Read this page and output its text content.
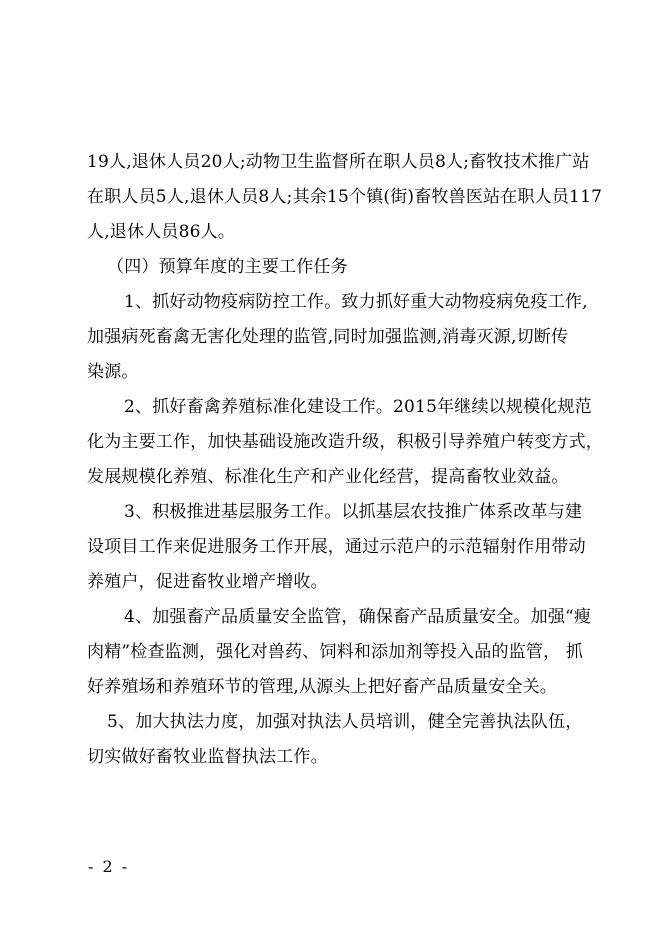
19人,退休人员20人;动物卫生监督所在职人员8人;畜牧技术推广站
在职人员5人,退休人员8人;其余15个镇(街)畜牧兽医站在职人员117
人,退休人员86人。
（四）预算年度的主要工作任务
1、抓好动物疫病防控工作。致力抓好重大动物疫病免疫工作,
加强病死畜禽无害化处理的监管,同时加强监测,消毒灭源,切断传
染源。
2、抓好畜禽养殖标准化建设工作。2015年继续以规模化规范
化为主要工作，加快基础设施改造升级，积极引导养殖户转变方式，
发展规模化养殖、标准化生产和产业化经营，提高畜牧业效益。
3、积极推进基层服务工作。以抓基层农技推广体系改革与建
设项目工作来促进服务工作开展，通过示范户的示范辐射作用带动
养殖户，促进畜牧业增产增收。
4、加强畜产品质量安全监管，确保畜产品质量安全。加强“瘦
肉精”检查监测，强化对兽药、饲料和添加剂等投入品的监管， 抓
好养殖场和养殖环节的管理,从源头上把好畜产品质量安全关。
5、加大执法力度，加强对执法人员培训，健全完善执法队伍，
切实做好畜牧业监督执法工作。
- 2 -
